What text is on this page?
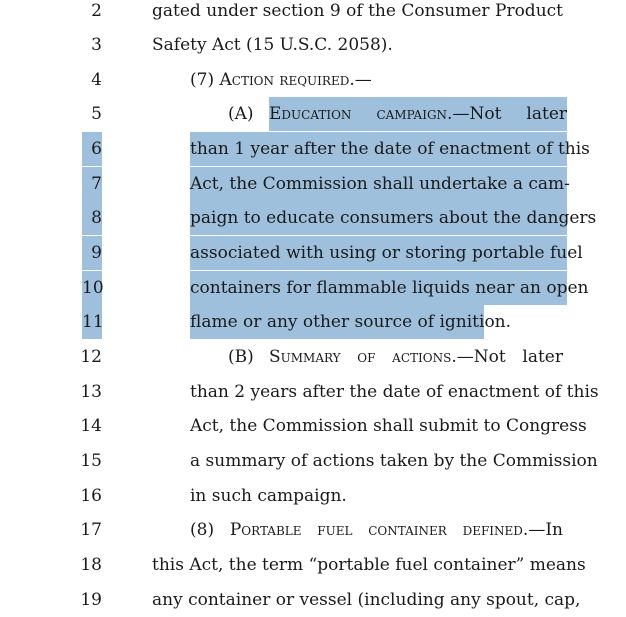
2	gated under section 9 of the Consumer Product
3	Safety Act (15 U.S.C. 2058).
4	(7) Action required.—
5	(A) Education campaign.—Not later
6	than 1 year after the date of enactment of this
7	Act, the Commission shall undertake a cam-
8	paign to educate consumers about the dangers
9	associated with using or storing portable fuel
10	containers for flammable liquids near an open
11	flame or any other source of ignition.
12	(B) Summary of actions.—Not later
13	than 2 years after the date of enactment of this
14	Act, the Commission shall submit to Congress
15	a summary of actions taken by the Commission
16	in such campaign.
17	(8) Portable fuel container defined.—In
18	this Act, the term “portable fuel container” means
19	any container or vessel (including any spout, cap,
